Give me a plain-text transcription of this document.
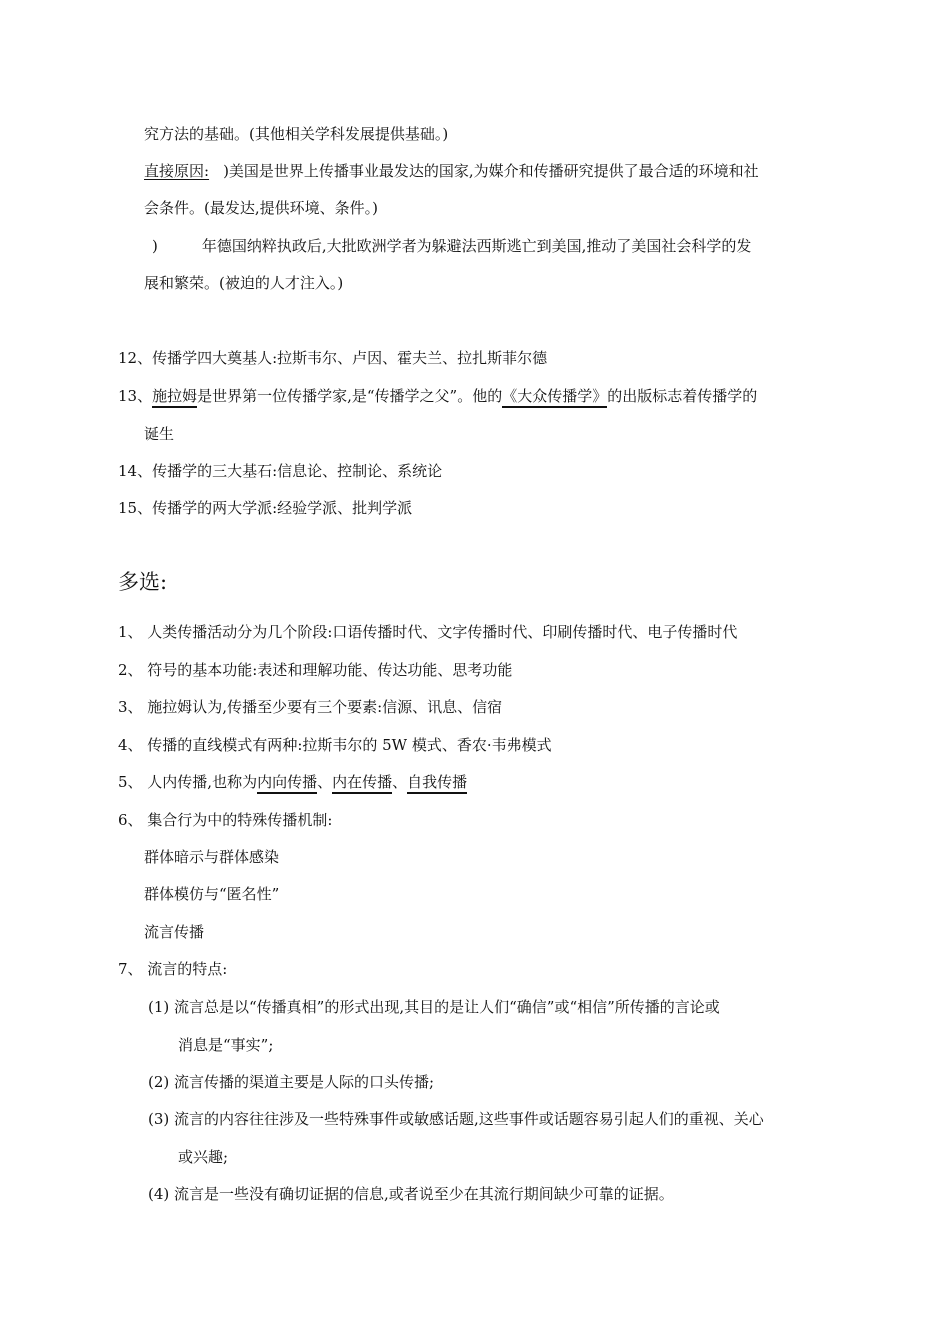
究方法的基础。(其他相关学科发展提供基础。)
直接原因: )美国是世界上传播事业最发达的国家,为媒介和传播研究提供了最合适的环境和社
会条件。(最发达,提供环境、条件。)
)	年德国纳粹执政后,大批欧洲学者为躲避法西斯逃亡到美国,推动了美国社会科学的发
展和繁荣。(被迫的人才注入。)
12、传播学四大奠基人:拉斯韦尔、卢因、霍夫兰、拉扎斯菲尔德
13、施拉姆是世界第一位传播学家,是“传播学之父”。他的《大众传播学》的出版标志着传播学的
诞生
14、传播学的三大基石:信息论、控制论、系统论
15、传播学的两大学派:经验学派、批判学派
多选:
1、 人类传播活动分为几个阶段:口语传播时代、文字传播时代、印刷传播时代、电子传播时代
2、 符号的基本功能:表述和理解功能、传达功能、思考功能
3、 施拉姆认为,传播至少要有三个要素:信源、讯息、信宿
4、 传播的直线模式有两种:拉斯韦尔的 5W 模式、香农·韦弗模式
5、 人内传播,也称为内向传播、内在传播、自我传播
6、 集合行为中的特殊传播机制:
群体暗示与群体感染
群体模仿与“匿名性”
流言传播
7、 流言的特点:
(1) 流言总是以“传播真相”的形式出现,其目的是让人们“确信”或“相信”所传播的言论或
消息是“事实”;
(2) 流言传播的渠道主要是人际的口头传播;
(3) 流言的内容往往涉及一些特殊事件或敏感话题,这些事件或话题容易引起人们的重视、关心
或兴趣;
(4) 流言是一些没有确切证据的信息,或者说至少在其流行期间缺少可靠的证据。
